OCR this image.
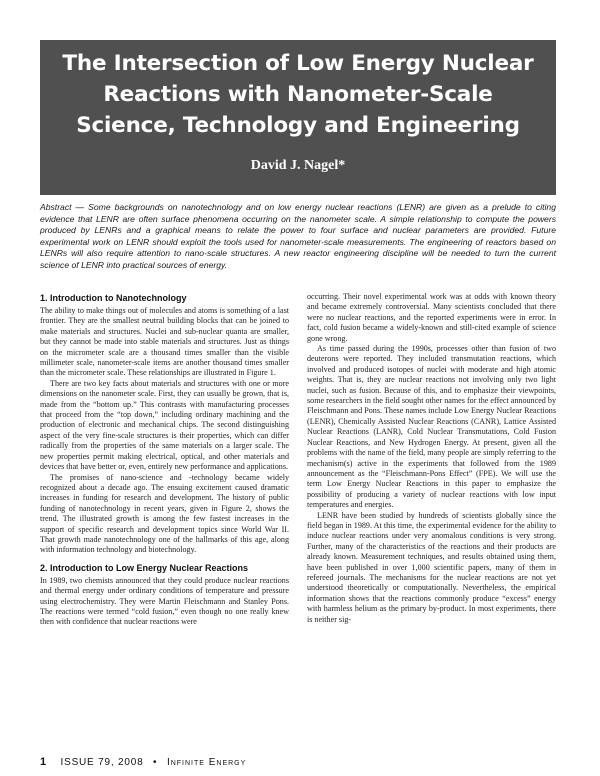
The Intersection of Low Energy Nuclear
Reactions with Nanometer-Scale
Science, Technology and Engineering
David J. Nagel*
Abstract — Some backgrounds on nanotechnology and on low energy nuclear reactions (LENR) are given as a prelude to citing evidence that LENR are often surface phenomena occurring on the nanometer scale. A simple relationship to compute the powers produced by LENRs and a graphical means to relate the power to four surface and nuclear parameters are provided. Future experimental work on LENR should exploit the tools used for nanometer-scale measurements. The engineering of reactors based on LENRs will also require attention to nano-scale structures. A new reactor engineering discipline will be needed to turn the current science of LENR into practical sources of energy.
1. Introduction to Nanotechnology

The ability to make things out of molecules and atoms is something of a last frontier. They are the smallest neutral building blocks that can be joined to make materials and structures. Nuclei and sub-nuclear quanta are smaller, but they cannot be made into stable materials and structures. Just as things on the micrometer scale are a thousand times smaller than the visible millimeter scale, nanometer-scale items are another thousand times smaller than the micrometer scale. These relationships are illustrated in Figure 1.

There are two key facts about materials and structures with one or more dimensions on the nanometer scale. First, they can usually be grown, that is, made from the “bottom up.” This contrasts with manufacturing processes that proceed from the “top down,” including ordinary machining and the production of electronic and mechanical chips. The second distinguishing aspect of the very fine-scale structures is their properties, which can differ radically from the properties of the same materials on a larger scale. The new properties permit making electrical, optical, and other materials and devices that have better or, even, entirely new performance and applications.

The promises of nano-science and -technology became widely recognized about a decade ago. The ensuing excitement caused dramatic increases in funding for research and development. The history of public funding of nanotechnology in recent years, given in Figure 2, shows the trend. The illustrated growth is among the few fastest increases in the support of specific research and development topics since World War II. That growth made nanotechnology one of the hallmarks of this age, along with information technology and biotechnology.

2. Introduction to Low Energy Nuclear Reactions

In 1989, two chemists announced that they could produce nuclear reactions and thermal energy under ordinary conditions of temperature and pressure using electrochemistry. They were Martin Fleischmann and Stanley Pons. The reactions were termed “cold fusion,” even though no one really knew then with confidence that nuclear reactions were

occurring. Their novel experimental work was at odds with known theory and became extremely controversial. Many scientists concluded that there were no nuclear reactions, and the reported experiments were in error. In fact, cold fusion became a widely-known and still-cited example of science gone wrong.

As time passed during the 1990s, processes other than fusion of two deuterons were reported. They included transmutation reactions, which involved and produced isotopes of nuclei with moderate and high atomic weights. That is, they are nuclear reactions not involving only two light nuclei, such as fusion. Because of this, and to emphasize their viewpoints, some researchers in the field sought other names for the effect announced by Fleischmann and Pons. These names include Low Energy Nuclear Reactions (LENR), Chemically Assisted Nuclear Reactions (CANR), Lattice Assisted Nuclear Reactions (LANR), Cold Nuclear Transmutations, Cold Fusion Nuclear Reactions, and New Hydrogen Energy. At present, given all the problems with the name of the field, many people are simply referring to the mechanism(s) active in the experiments that followed from the 1989 announcement as the “Fleischmann-Pons Effect” (FPE). We will use the term Low Energy Nuclear Reactions in this paper to emphasize the possibility of producing a variety of nuclear reactions with low input temperatures and energies.

LENR have been studied by hundreds of scientists globally since the field began in 1989. At this time, the experimental evidence for the ability to induce nuclear reactions under very anomalous conditions is very strong. Further, many of the characteristics of the reactions and their products are already known. Measurement techniques, and results obtained using them, have been published in over 1,000 scientific papers, many of them in refereed journals. The mechanisms for the nuclear reactions are not yet understood theoretically or computationally. Nevertheless, the empirical information shows that the reactions commonly produce “excess” energy with harmless helium as the primary by-product. In most experiments, there is neither sig-

1 ISSUE 79, 2008 • Infinite Energy
